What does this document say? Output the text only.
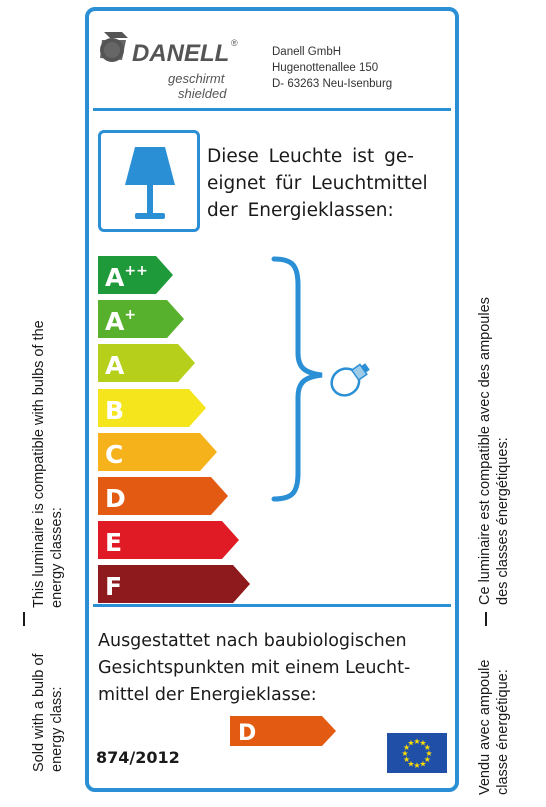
DANELL ®
geschirmt
shielded
Danell GmbH
Hugenottenallee 150
D- 63263 Neu-Isenburg
Diese Leuchte ist ge-
eignet für Leuchtmittel
der Energieklassen:
A++
A+
A
B
C
D
E
F
Ausgestattet nach baubiologischen
Gesichtspunkten mit einem Leucht-
mittel der Energieklasse:
D
874/2012	★
★
★
★
★
★
★
★
★
★
★
★
This luminaire is compatible with bulbs of the energy classes:
Sold with a bulb of energy class:
Ce luminaire est compatible avec des ampoules des classes énergétiques:
Vendu avec ampoule classe énergétique:
